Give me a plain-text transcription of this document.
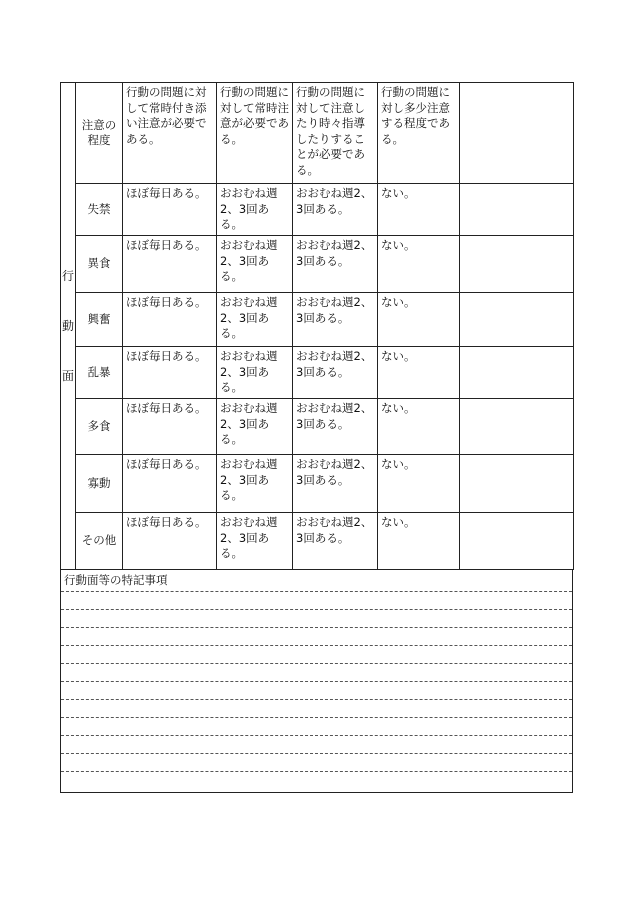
行
動
面	注意の程度	行動の問題に対して常時付き添い注意が必要である。	行動の問題に対して常時注意が必要である。	行動の問題に対して注意したり時々指導したりすることが必要である。	行動の問題に対し多少注意する程度である。	
	失禁	ほぼ毎日ある。	おおむね週2、3回ある。	おおむね週2、3回ある。	ない。	
	異食	ほぼ毎日ある。	おおむね週2、3回ある。	おおむね週2、3回ある。	ない。	
	興奮	ほぼ毎日ある。	おおむね週2、3回ある。	おおむね週2、3回ある。	ない。	
	乱暴	ほぼ毎日ある。	おおむね週2、3回ある。	おおむね週2、3回ある。	ない。	
	多食	ほぼ毎日ある。	おおむね週2、3回ある。	おおむね週2、3回ある。	ない。	
	寡動	ほぼ毎日ある。	おおむね週2、3回ある。	おおむね週2、3回ある。	ない。	
	その他	ほぼ毎日ある。	おおむね週2、3回ある。	おおむね週2、3回ある。	ない。	
行動面等の特記事項
